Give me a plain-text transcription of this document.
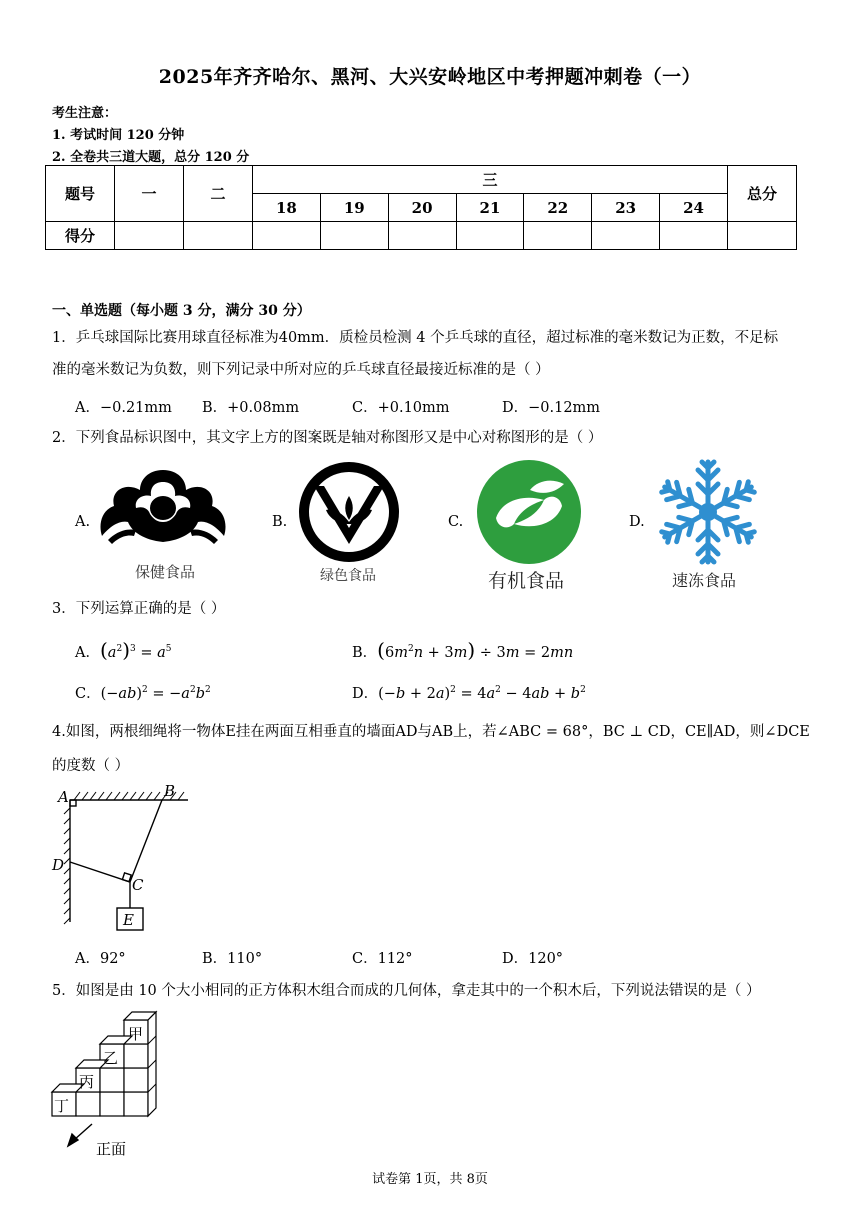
2025年齐齐哈尔、黑河、大兴安岭地区中考押题冲刺卷（一）
考生注意：
1. 考试时间 120 分钟
2. 全卷共三道大题，总分 120 分
题号	一	二	三							总分
			18	19	20	21	22	23	24	
得分										
一、单选题（每小题 3 分，满分 30 分）
1．乒乓球国际比赛用球直径标准为40mm．质检员检测 4 个乒乓球的直径，超过标准的毫米数记为正数，不足标
准的毫米数记为负数，则下列记录中所对应的乒乓球直径最接近标准的是（ ）
A．−0.21mm B．+0.08mm	C．+0.10mm	D．−0.12mm
2．下列食品标识图中，其文字上方的图案既是轴对称图形又是中心对称图形的是（ ）
A.	B.	C.	D.
保健食品	绿色食品	有机食品	速冻食品
3．下列运算正确的是（ ）
A．$(a^2)^3 = a^5$	B．$(6m^2n + 3m) \div 3m = 2mn$
C．$(-ab)^2 = -a^2b^2$	D．$(-b + 2a)^2 = 4a^2 - 4ab + b^2$
4.如图，两根细绳将一物体E挂在两面互相垂直的墙面AD与AB上，若∠ABC = 68°，BC ⊥ CD，CE∥AD，则∠DCE
的度数（ ）
A	B
C
D
E
A．92°	B．110°	C．112°	D．120°
5．如图是由 10 个大小相同的正方体积木组合而成的几何体，拿走其中的一个积木后，下列说法错误的是（ ）
丁
丙
乙
甲
正面
试卷第 1页，共 8页
